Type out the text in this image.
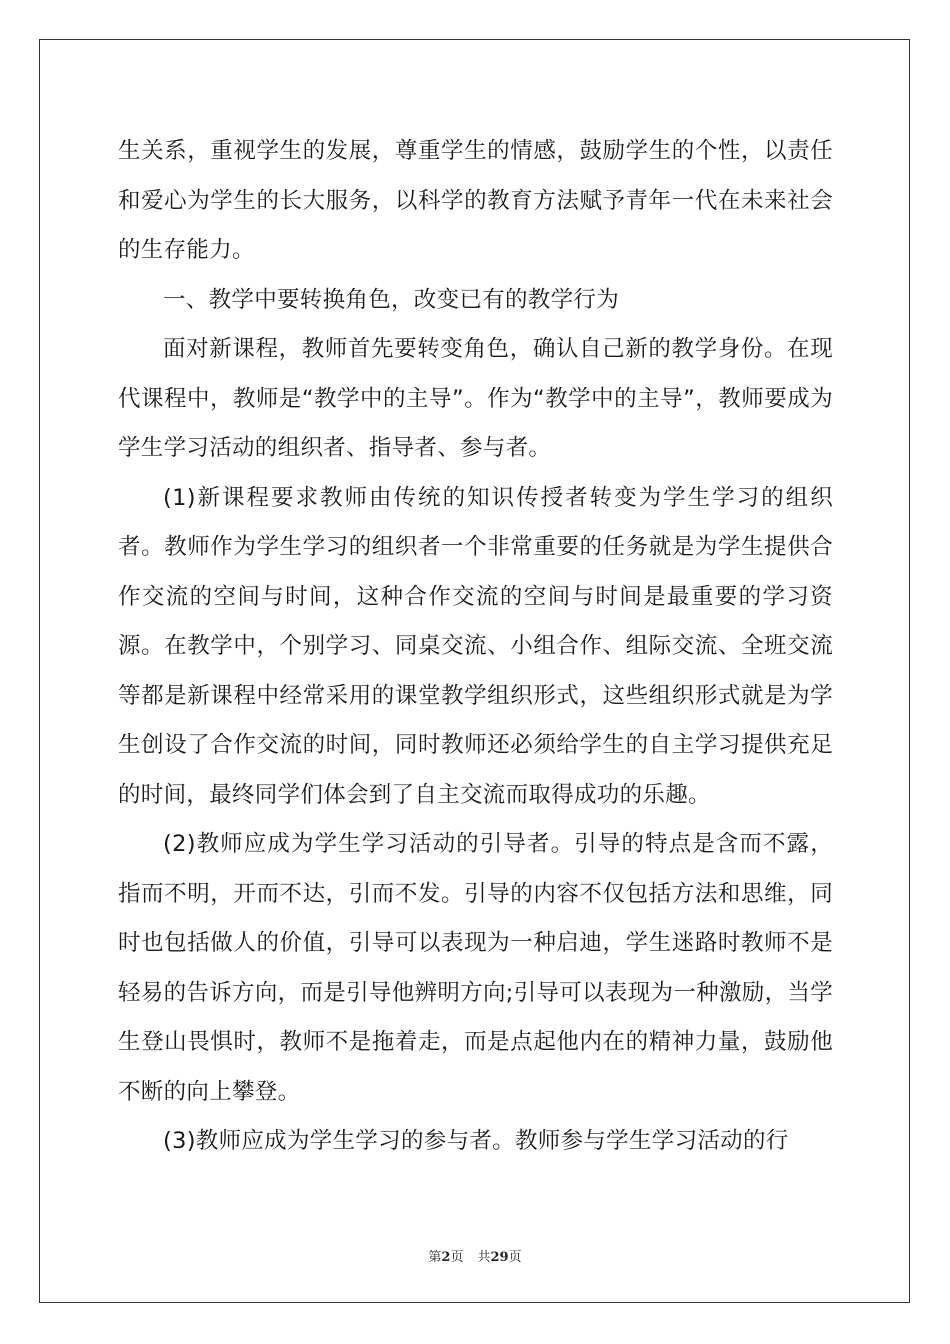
生关系，重视学生的发展，尊重学生的情感，鼓励学生的个性，以责任和爱心为学生的长大服务，以科学的教育方法赋予青年一代在未来社会的生存能力。

一、教学中要转换角色，改变已有的教学行为

面对新课程，教师首先要转变角色，确认自己新的教学身份。在现代课程中，教师是“教学中的主导”。作为“教学中的主导”，教师要成为学生学习活动的组织者、指导者、参与者。

(1)新课程要求教师由传统的知识传授者转变为学生学习的组织者。教师作为学生学习的组织者一个非常重要的任务就是为学生提供合作交流的空间与时间，这种合作交流的空间与时间是最重要的学习资源。在教学中，个别学习、同桌交流、小组合作、组际交流、全班交流等都是新课程中经常采用的课堂教学组织形式，这些组织形式就是为学生创设了合作交流的时间，同时教师还必须给学生的自主学习提供充足的时间，最终同学们体会到了自主交流而取得成功的乐趣。

(2)教师应成为学生学习活动的引导者。引导的特点是含而不露，指而不明，开而不达，引而不发。引导的内容不仅包括方法和思维，同时也包括做人的价值，引导可以表现为一种启迪，学生迷路时教师不是轻易的告诉方向，而是引导他辨明方向;引导可以表现为一种激励，当学生登山畏惧时，教师不是拖着走，而是点起他内在的精神力量，鼓励他不断的向上攀登。

(3)教师应成为学生学习的参与者。教师参与学生学习活动的行

第2页 共29页
